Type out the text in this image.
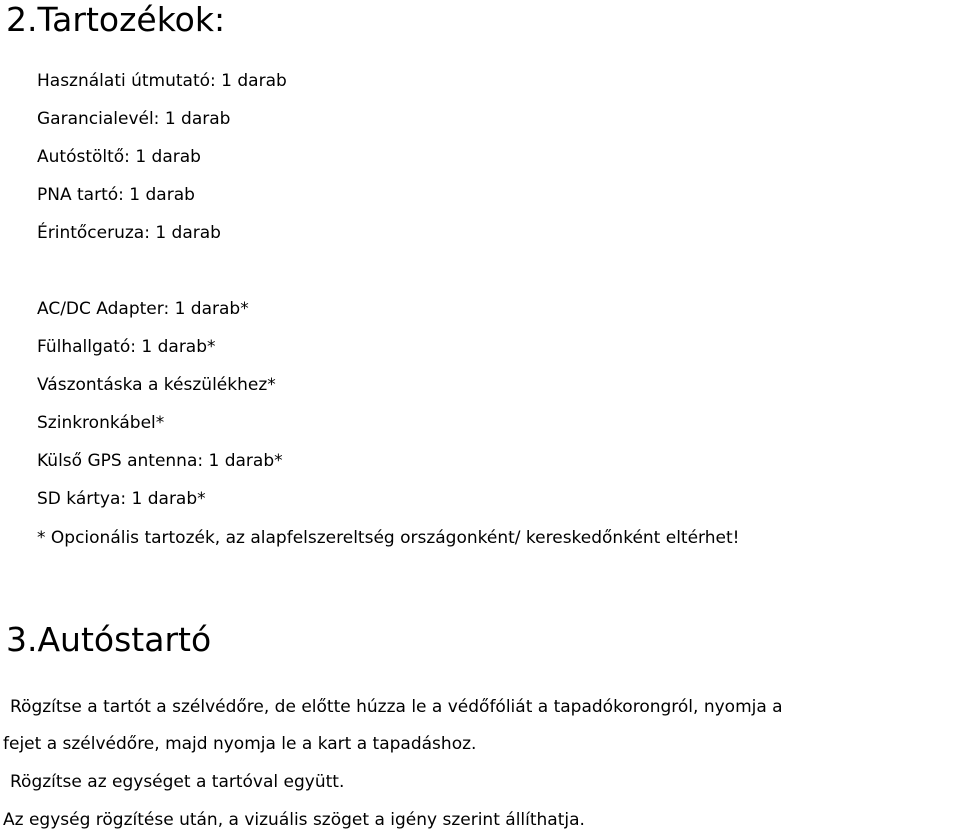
2.Tartozékok:

Használati útmutató: 1 darab

Garancialevél: 1 darab

Autóstöltő: 1 darab

PNA tartó: 1 darab

Érintőceruza: 1 darab

AC/DC Adapter: 1 darab*

Fülhallgató: 1 darab*

Vászontáska a készülékhez*

Szinkronkábel*

Külső GPS antenna: 1 darab*

SD kártya: 1 darab*

* Opcionális tartozék, az alapfelszereltség országonként/ kereskedőnként eltérhet!

3.Autóstartó

Rögzítse a tartót a szélvédőre, de előtte húzza le a védőfóliát a tapadókorongról, nyomja a

fejet a szélvédőre, majd nyomja le a kart a tapadáshoz.

Rögzítse az egységet a tartóval együtt.

Az egység rögzítése után, a vizuális szöget a igény szerint állíthatja.
